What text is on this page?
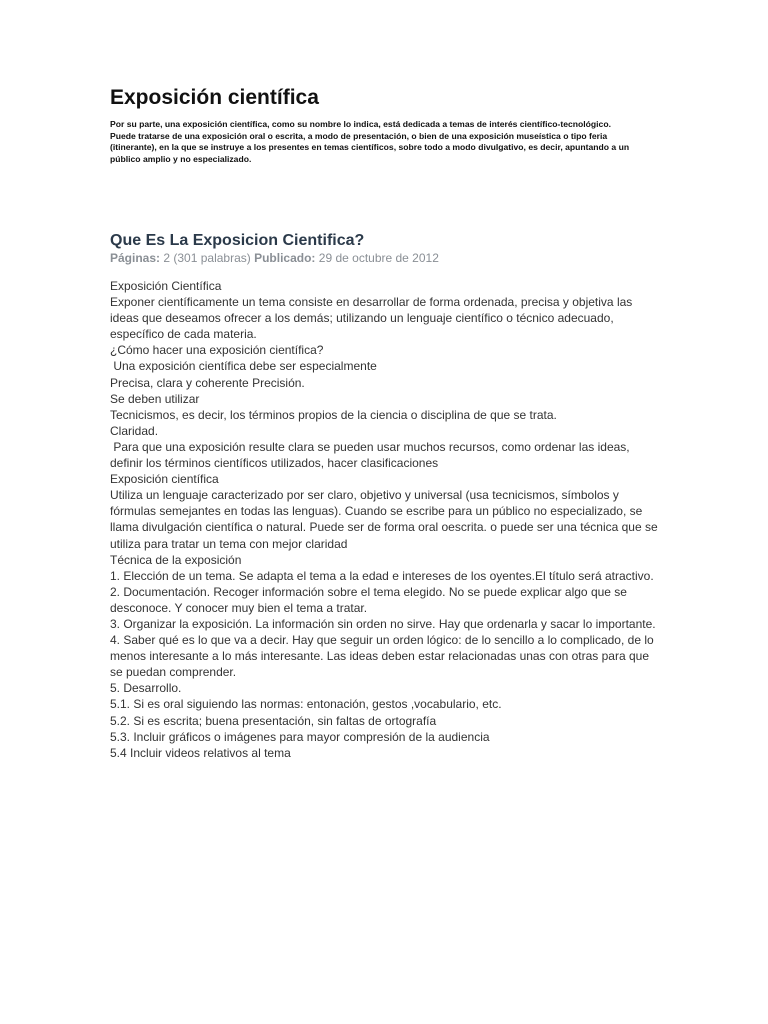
Exposición científica

Por su parte, una exposición científica, como su nombre lo indica, está dedicada a temas de interés científico-tecnológico. Puede tratarse de una exposición oral o escrita, a modo de presentación, o bien de una exposición museística o tipo feria (itinerante), en la que se instruye a los presentes en temas científicos, sobre todo a modo divulgativo, es decir, apuntando a un público amplio y no especializado.

Que Es La Exposicion Cientifica?

Páginas: 2 (301 palabras) Publicado: 29 de octubre de 2012

Exposición Científica
Exponer científicamente un tema consiste en desarrollar de forma ordenada, precisa y objetiva las ideas que deseamos ofrecer a los demás; utilizando un lenguaje científico o técnico adecuado, específico de cada materia.
¿Cómo hacer una exposición científica?
Una exposición científica debe ser especialmente
Precisa, clara y coherente Precisión.
Se deben utilizar
Tecnicismos, es decir, los términos propios de la ciencia o disciplina de que se trata.
Claridad.
Para que una exposición resulte clara se pueden usar muchos recursos, como ordenar las ideas, definir los términos científicos utilizados, hacer clasificaciones
Exposición científica
Utiliza un lenguaje caracterizado por ser claro, objetivo y universal (usa tecnicismos, símbolos y fórmulas semejantes en todas las lenguas). Cuando se escribe para un público no especializado, se llama divulgación científica o natural. Puede ser de forma oral oescrita. o puede ser una técnica que se utiliza para tratar un tema con mejor claridad
Técnica de la exposición
1. Elección de un tema. Se adapta el tema a la edad e intereses de los oyentes.El título será atractivo.
2. Documentación. Recoger información sobre el tema elegido. No se puede explicar algo que se desconoce. Y conocer muy bien el tema a tratar.
3. Organizar la exposición. La información sin orden no sirve. Hay que ordenarla y sacar lo importante.
4. Saber qué es lo que va a decir. Hay que seguir un orden lógico: de lo sencillo a lo complicado, de lo menos interesante a lo más interesante. Las ideas deben estar relacionadas unas con otras para que se puedan comprender.
5. Desarrollo.
5.1. Si es oral siguiendo las normas: entonación, gestos ,vocabulario, etc.
5.2. Si es escrita; buena presentación, sin faltas de ortografía
5.3. Incluir gráficos o imágenes para mayor compresión de la audiencia
5.4 Incluir videos relativos al tema
